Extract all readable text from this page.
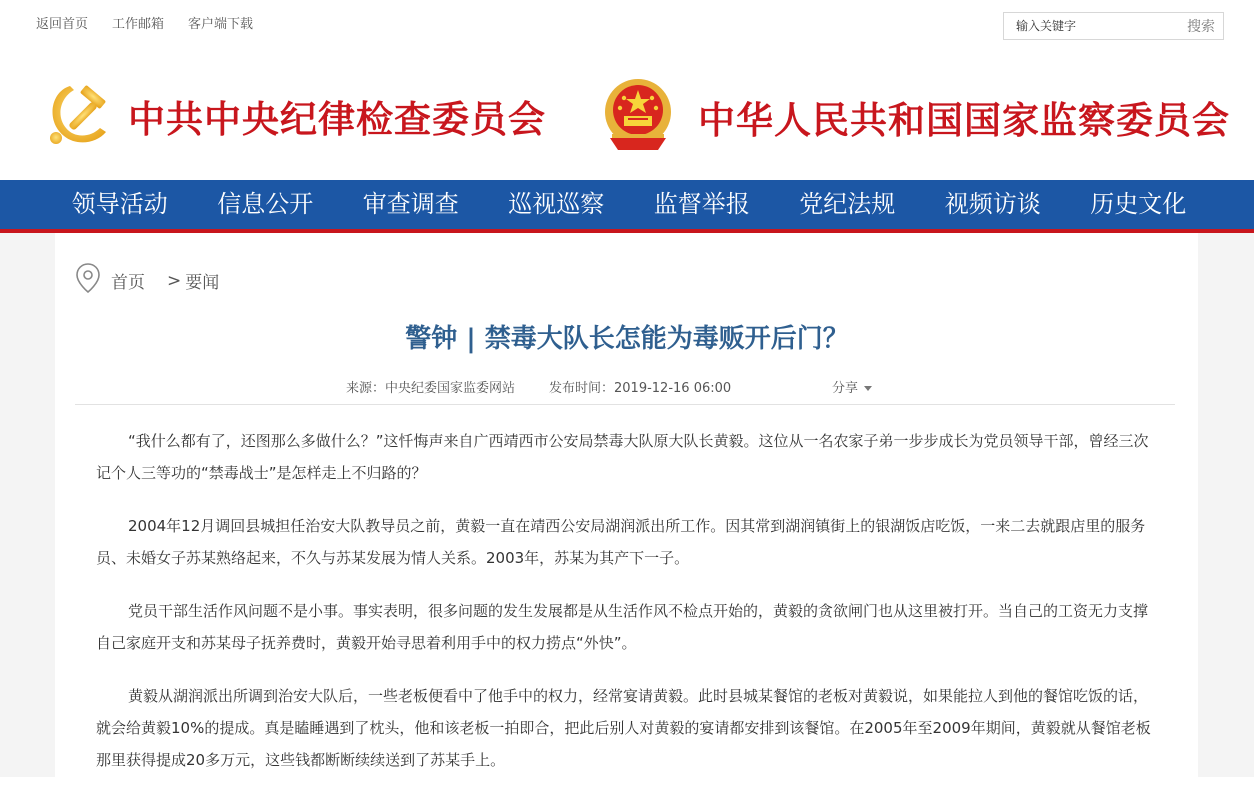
返回首页 工作邮箱 客户端下载
输入关键字	搜索
中共中央纪律检查委员会	中华人民共和国国家监察委员会
领导活动	信息公开	审查调查	巡视巡察	监督举报	党纪法规	视频访谈	历史文化
首页 > 要闻
警钟 | 禁毒大队长怎能为毒贩开后门？
来源：中央纪委国家监委网站	发布时间：2019-12-16 06:00	分享

“我什么都有了，还图那么多做什么？”这忏悔声来自广西靖西市公安局禁毒大队原大队长黄毅。这位从一名农家子弟一步步成长为党员领导干部，曾经三次记个人三等功的“禁毒战士”是怎样走上不归路的？

2004年12月调回县城担任治安大队教导员之前，黄毅一直在靖西公安局湖润派出所工作。因其常到湖润镇街上的银湖饭店吃饭，一来二去就跟店里的服务员、未婚女子苏某熟络起来，不久与苏某发展为情人关系。2003年，苏某为其产下一子。

党员干部生活作风问题不是小事。事实表明，很多问题的发生发展都是从生活作风不检点开始的，黄毅的贪欲闸门也从这里被打开。当自己的工资无力支撑自己家庭开支和苏某母子抚养费时，黄毅开始寻思着利用手中的权力捞点“外快”。

黄毅从湖润派出所调到治安大队后，一些老板便看中了他手中的权力，经常宴请黄毅。此时县城某餐馆的老板对黄毅说，如果能拉人到他的餐馆吃饭的话，就会给黄毅10%的提成。真是瞌睡遇到了枕头，他和该老板一拍即合，把此后别人对黄毅的宴请都安排到该餐馆。在2005年至2009年期间，黄毅就从餐馆老板那里获得提成20多万元，这些钱都断断续续送到了苏某手上。
